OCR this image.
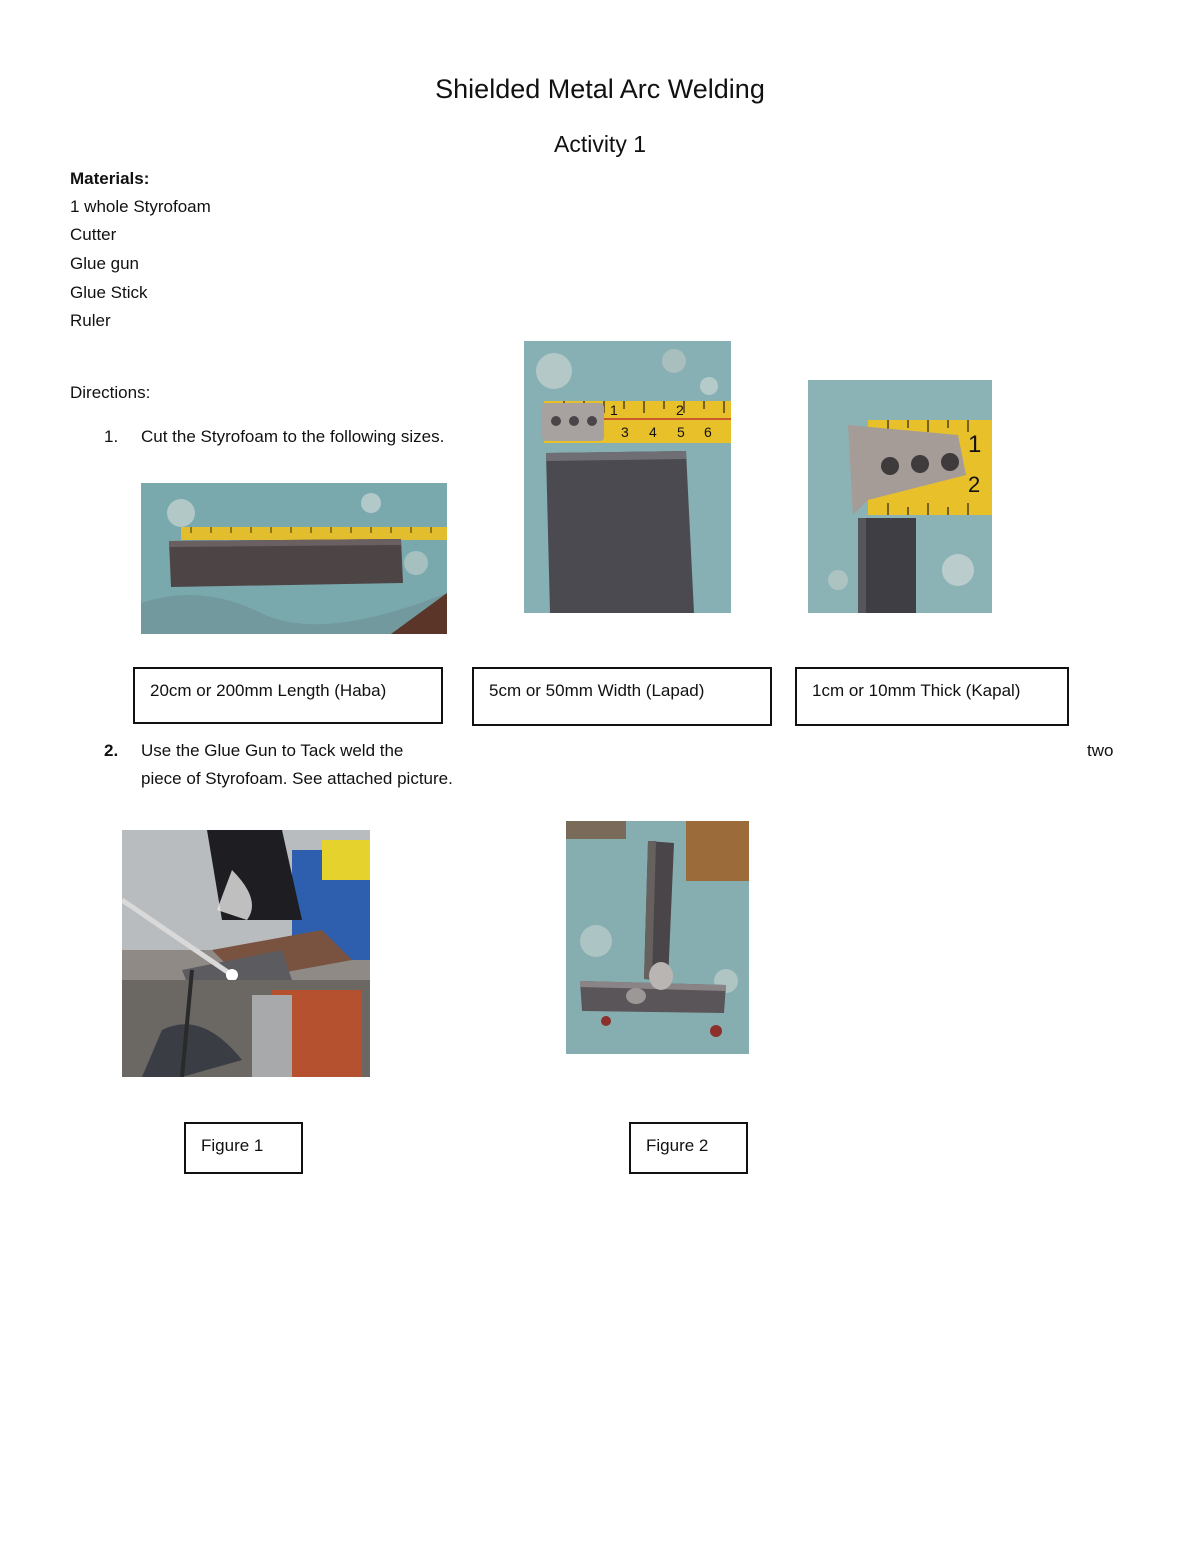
Shielded Metal Arc Welding
Activity 1
Materials:
1 whole Styrofoam
Cutter
Glue gun
Glue Stick
Ruler
Directions:
1. Cut the Styrofoam to the following sizes.
1	2
3 4 5 6	1
2
20cm or 200mm Length (Haba)	5cm or 50mm Width (Lapad)	1cm or 10mm Thick (Kapal)
2. Use the Glue Gun to Tack weld the	two
piece of Styrofoam. See attached picture.
Figure 1	Figure 2
